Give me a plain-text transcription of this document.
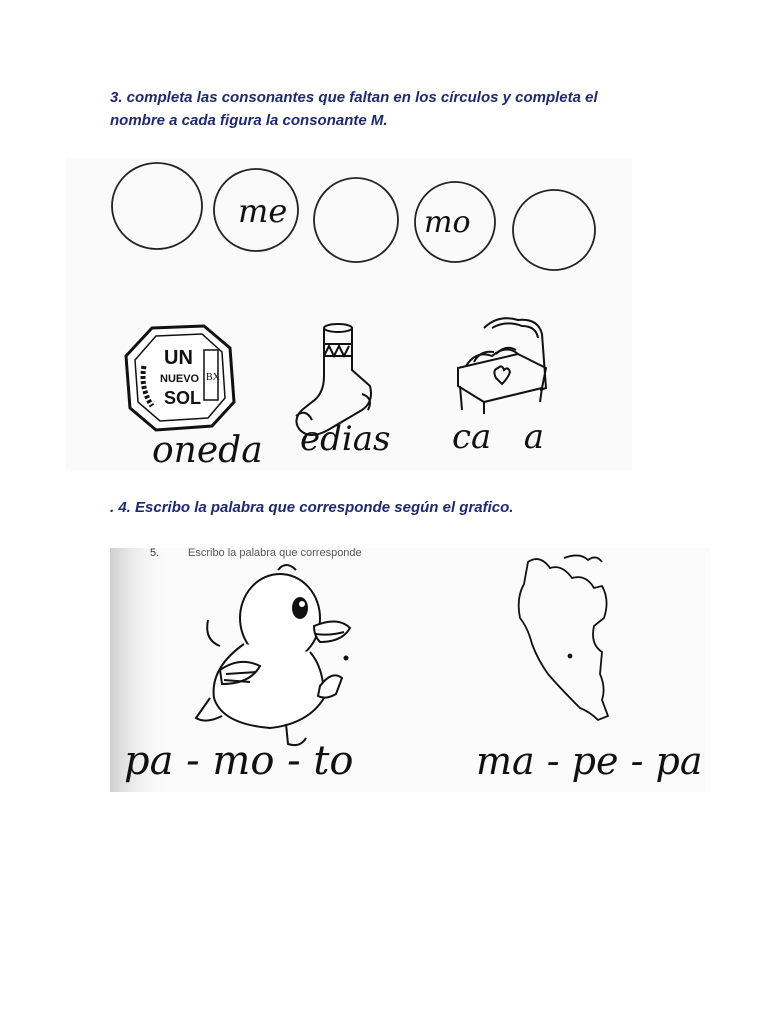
3. completa las consonantes que faltan en los círculos y completa el
nombre a cada figura la consonante M.

me	mo
UN
NUEVO
SOL
BX
oneda edias ca   a

. 4. Escribo la palabra que corresponde según el grafico.

5.	Escribo la palabra que corresponde
pa - mo - to	ma - pe - pa
